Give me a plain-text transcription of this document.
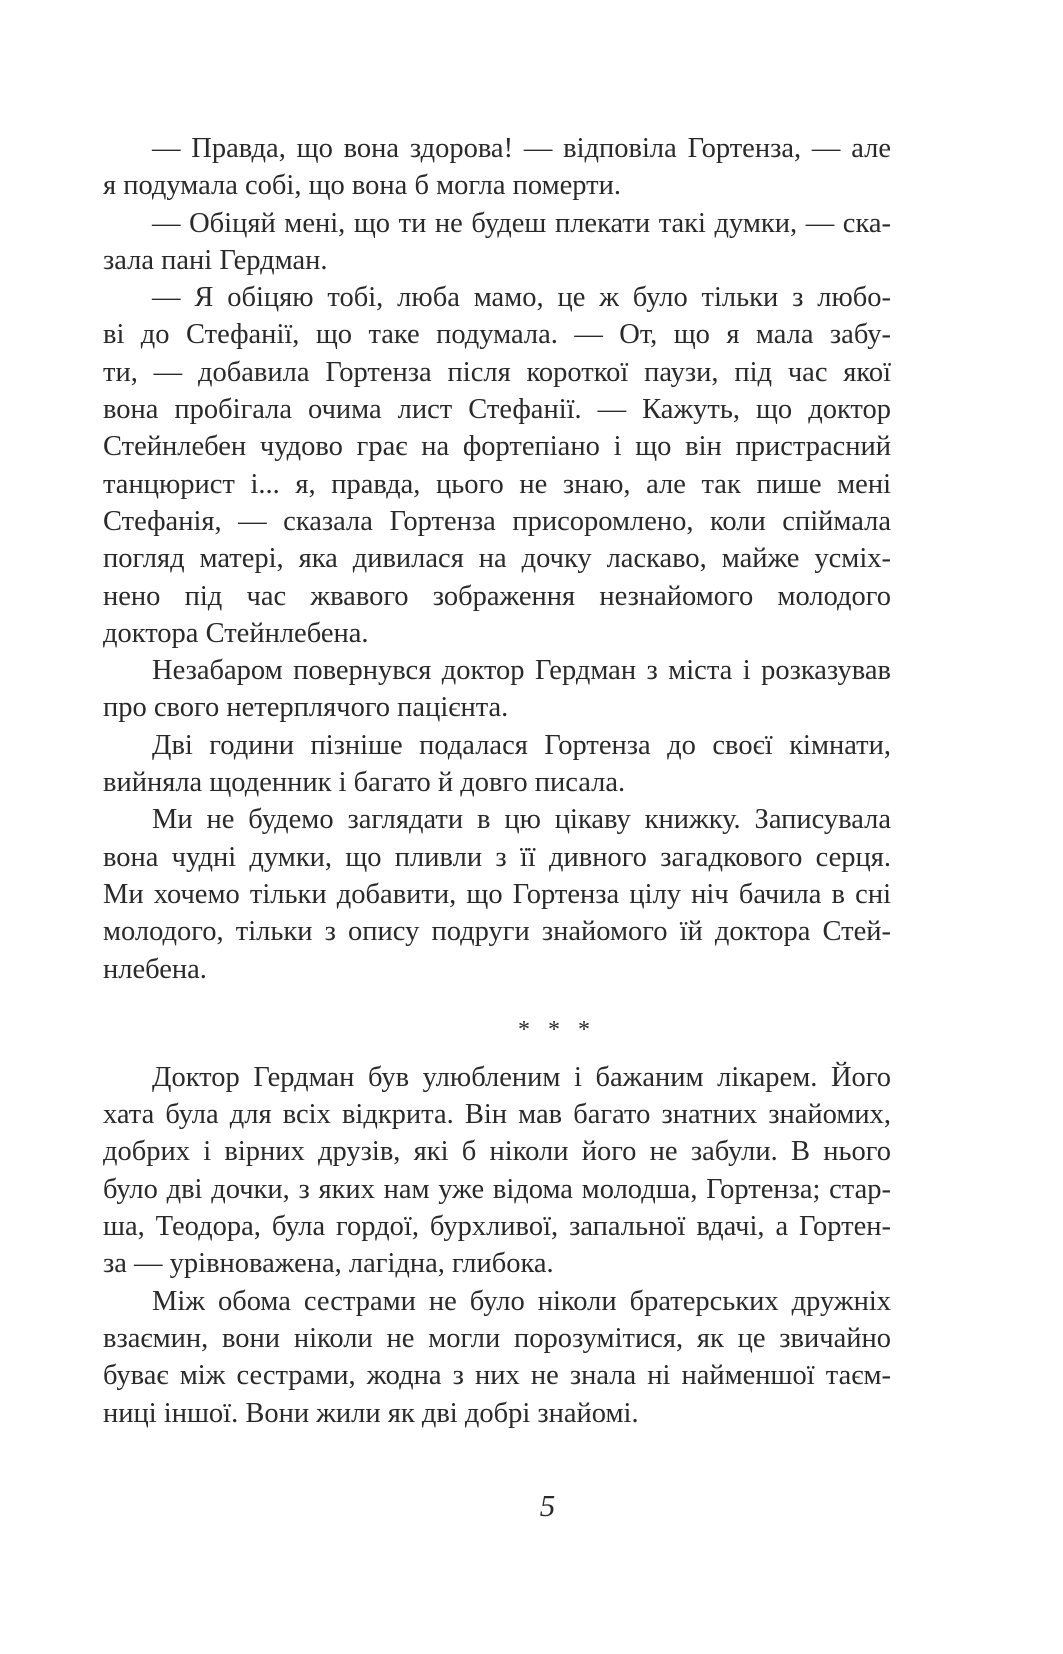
— Правда, що вона здорова! — відповіла Гортенза, — але
я подумала собі, що вона б могла померти.
— Обіцяй мені, що ти не будеш плекати такі думки, — ска-
зала пані Гердман.
— Я обіцяю тобі, люба мамо, це ж було тільки з любо-
ві до Стефанії, що таке подумала. — От, що я мала забу-
ти, — добавила Гортенза після короткої паузи, під час якої
вона пробігала очима лист Стефанії. — Кажуть, що доктор
Стейнлебен чудово грає на фортепіано і що він пристрасний
танцюрист і... я, правда, цього не знаю, але так пише мені
Стефанія, — сказала Гортенза присоромлено, коли спіймала
погляд матері, яка дивилася на дочку ласкаво, майже усміх-
нено під час жвавого зображення незнайомого молодого
доктора Стейнлебена.
Незабаром повернувся доктор Гердман з міста і розказував
про свого нетерплячого пацієнта.
Дві години пізніше подалася Гортенза до своєї кімнати,
вийняла щоденник і багато й довго писала.
Ми не будемо заглядати в цю цікаву книжку. Записувала
вона чудні думки, що пливли з її дивного загадкового серця.
Ми хочемо тільки добавити, що Гортенза цілу ніч бачила в сні
молодого, тільки з опису подруги знайомого їй доктора Стей-
нлебена.
* * *
Доктор Гердман був улюбленим і бажаним лікарем. Його
хата була для всіх відкрита. Він мав багато знатних знайомих,
добрих і вірних друзів, які б ніколи його не забули. В нього
було дві дочки, з яких нам уже відома молодша, Гортенза; стар-
ша, Теодора, була гордої, бурхливої, запальної вдачі, а Гортен-
за — урівноважена, лагідна, глибока.
Між обома сестрами не було ніколи братерських дружніх
взаємин, вони ніколи не могли порозумітися, як це звичайно
буває між сестрами, жодна з них не знала ні найменшої таєм-
ниці іншої. Вони жили як дві добрі знайомі.
5
